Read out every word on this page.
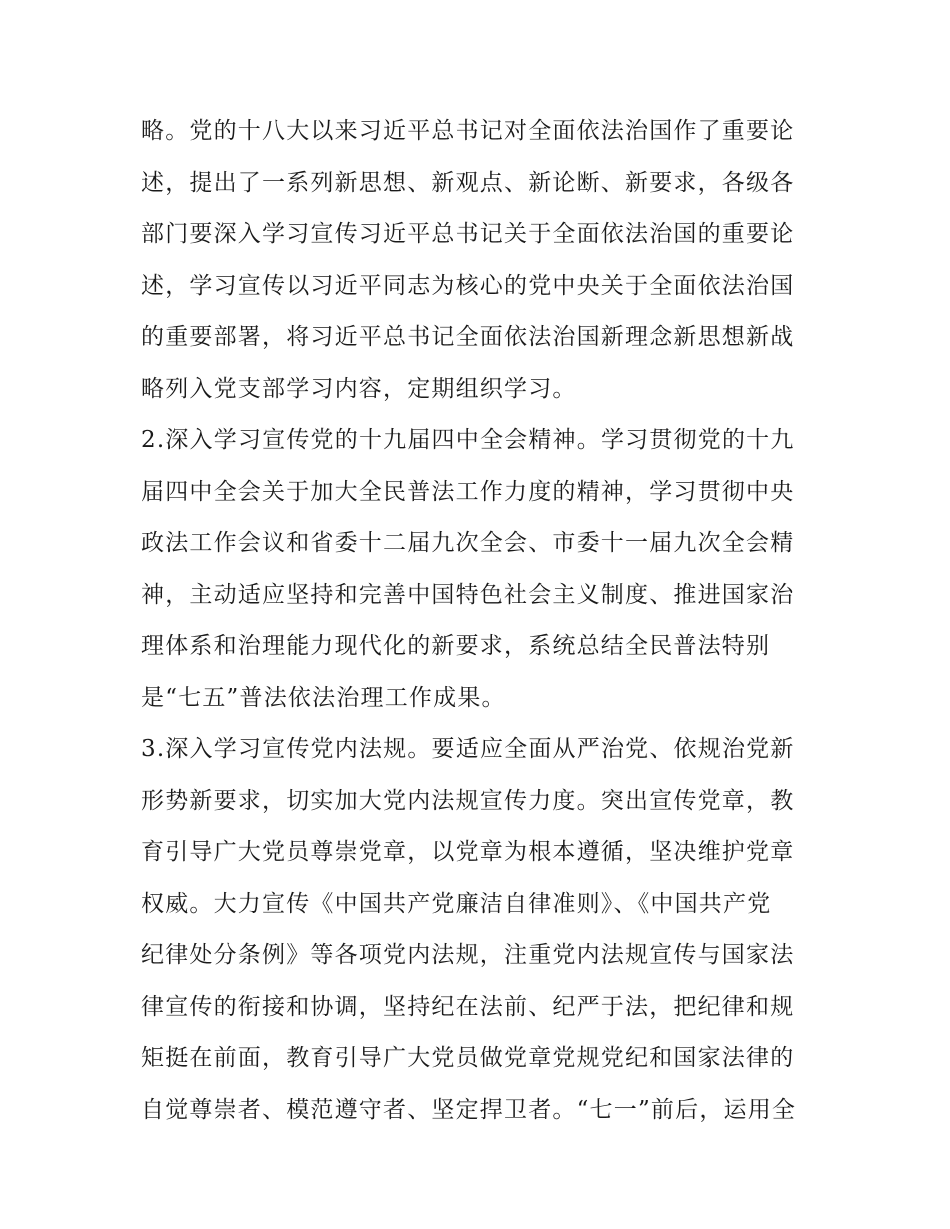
略。党的十八大以来习近平总书记对全面依法治国作了重要论
述，提出了一系列新思想、新观点、新论断、新要求，各级各
部门要深入学习宣传习近平总书记关于全面依法治国的重要论
述，学习宣传以习近平同志为核心的党中央关于全面依法治国
的重要部署，将习近平总书记全面依法治国新理念新思想新战
略列入党支部学习内容，定期组织学习。
2.深入学习宣传党的十九届四中全会精神。学习贯彻党的十九
届四中全会关于加大全民普法工作力度的精神，学习贯彻中央
政法工作会议和省委十二届九次全会、市委十一届九次全会精
神，主动适应坚持和完善中国特色社会主义制度、推进国家治
理体系和治理能力现代化的新要求，系统总结全民普法特别
是“七五”普法依法治理工作成果。
3.深入学习宣传党内法规。要适应全面从严治党、依规治党新
形势新要求，切实加大党内法规宣传力度。突出宣传党章，教
育引导广大党员尊崇党章，以党章为根本遵循，坚决维护党章
权威。大力宣传《中国共产党廉洁自律准则》、《中国共产党
纪律处分条例》等各项党内法规，注重党内法规宣传与国家法
律宣传的衔接和协调，坚持纪在法前、纪严于法，把纪律和规
矩挺在前面，教育引导广大党员做党章党规党纪和国家法律的
自觉尊崇者、模范遵守者、坚定捍卫者。“七一”前后，运用全
